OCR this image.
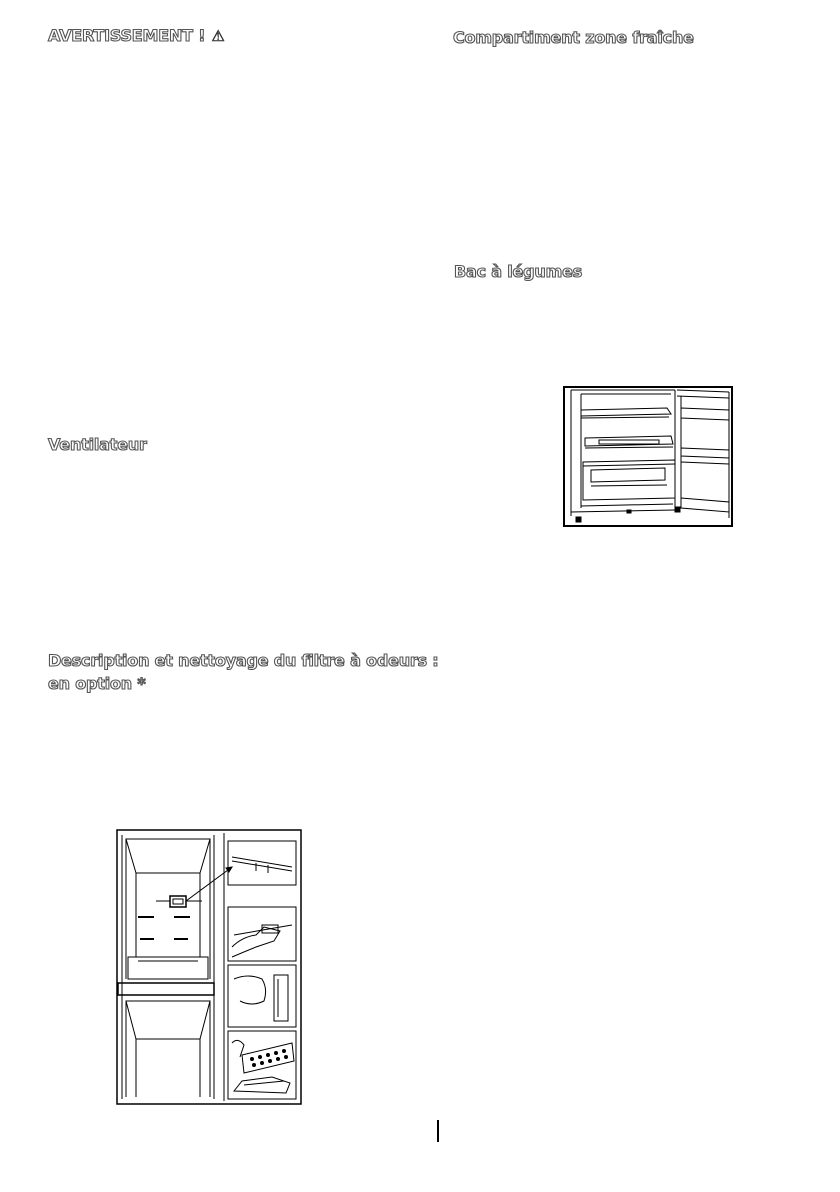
AVERTISSEMENT ! ⚠	Compartiment zone fraîche
Bac à légumes
Ventilateur
Description et nettoyage du filtre à odeurs :
en option *
